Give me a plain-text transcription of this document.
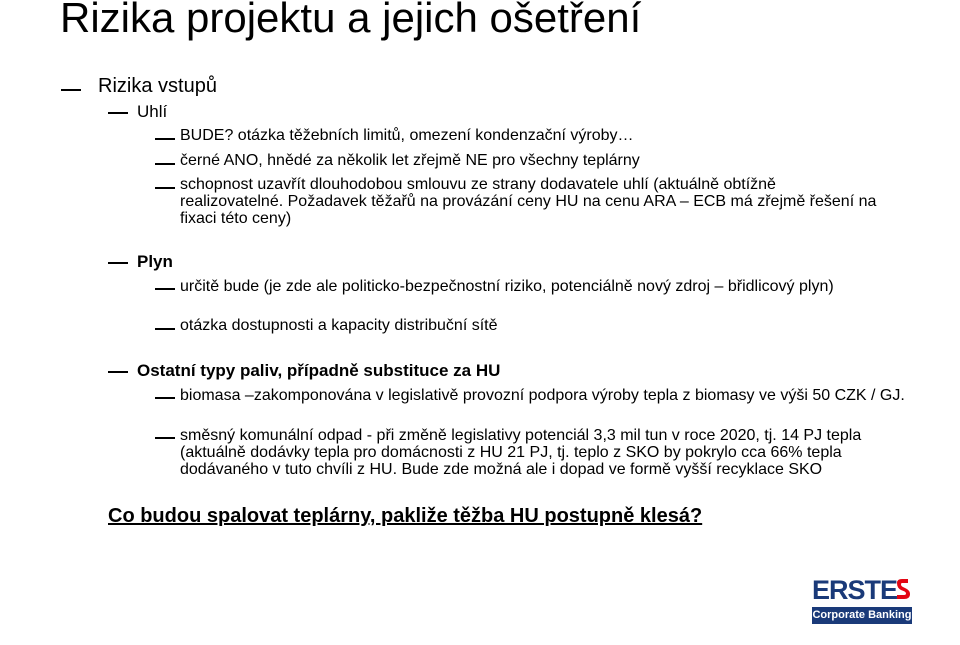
Rizika projektu a jejich ošetření
Rizika vstupů
Uhlí
BUDE? otázka těžebních limitů, omezení kondenzační výroby…
černé ANO, hnědé za několik let zřejmě NE pro všechny teplárny
schopnost uzavřít dlouhodobou smlouvu ze strany dodavatele uhlí (aktuálně obtížně realizovatelné. Požadavek těžařů na provázání ceny HU na cenu ARA – ECB má zřejmě řešení na fixaci této ceny)
Plyn
určitě bude (je zde ale politicko-bezpečnostní riziko, potenciálně nový zdroj – břidlicový plyn)
otázka dostupnosti a kapacity distribuční sítě
Ostatní typy paliv, případně substituce za HU
biomasa –zakomponována v legislativě provozní podpora výroby tepla z biomasy ve výši 50 CZK / GJ.
směsný komunální odpad - při změně legislativy potenciál 3,3 mil tun v roce 2020, tj. 14 PJ tepla (aktuálně dodávky tepla pro domácnosti z HU 21 PJ, tj. teplo z SKO by pokrylo cca 66% tepla dodávaného v tuto chvíli z HU. Bude zde možná ale i dopad ve formě vyšší recyklace SKO
Co budou spalovat teplárny, pakliže těžba HU postupně klesá?
ERSTE
Corporate Banking
